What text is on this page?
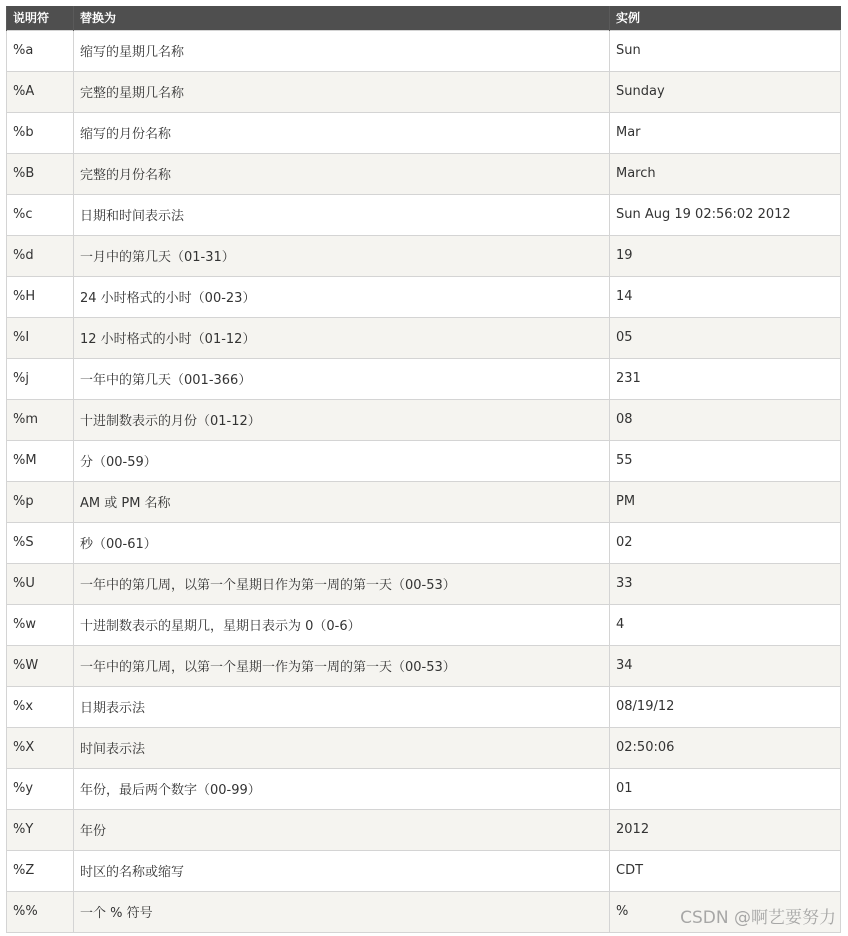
说明符	替换为	实例
%a	缩写的星期几名称	Sun
%A	完整的星期几名称	Sunday
%b	缩写的月份名称	Mar
%B	完整的月份名称	March
%c	日期和时间表示法	Sun Aug 19 02:56:02 2012
%d	一月中的第几天（01-31）	19
%H	24 小时格式的小时（00-23）	14
%I	12 小时格式的小时（01-12）	05
%j	一年中的第几天（001-366）	231
%m	十进制数表示的月份（01-12）	08
%M	分（00-59）	55
%p	AM 或 PM 名称	PM
%S	秒（00-61）	02
%U	一年中的第几周，以第一个星期日作为第一周的第一天（00-53）	33
%w	十进制数表示的星期几，星期日表示为 0（0-6）	4
%W	一年中的第几周，以第一个星期一作为第一周的第一天（00-53）	34
%x	日期表示法	08/19/12
%X	时间表示法	02:50:06
%y	年份，最后两个数字（00-99）	01
%Y	年份	2012
%Z	时区的名称或缩写	CDT
%%	一个 % 符号	%	CSDN @啊艺要努力
